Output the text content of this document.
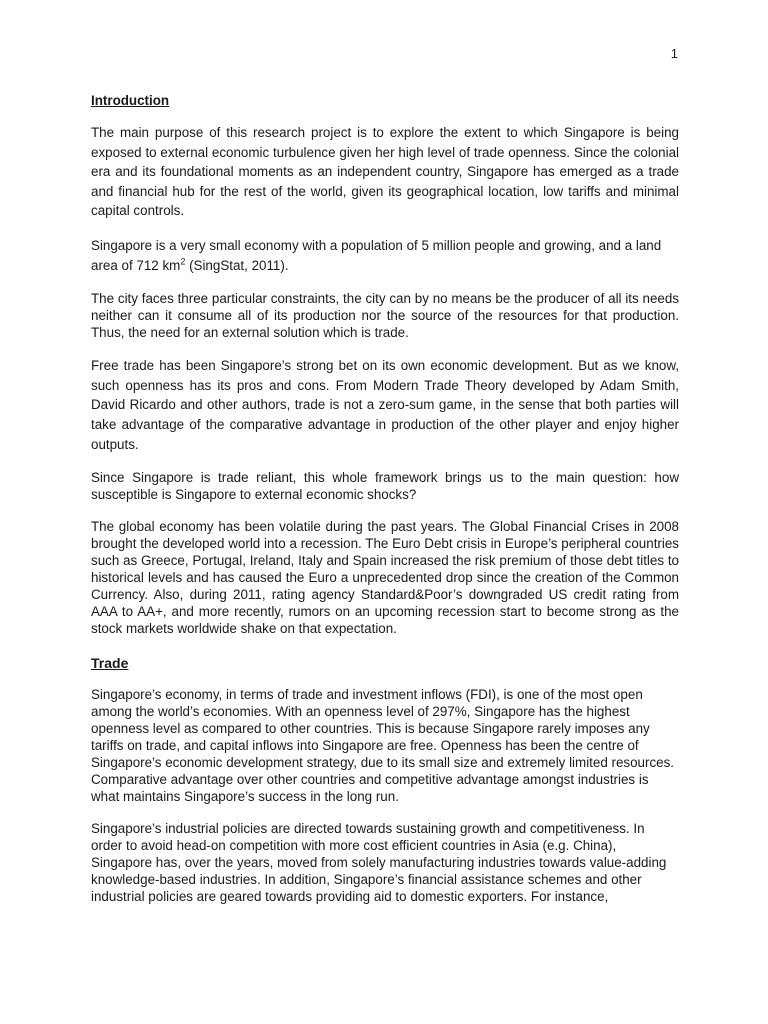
1
Introduction

The main purpose of this research project is to explore the extent to which Singapore is being exposed to external economic turbulence given her high level of trade openness. Since the colonial era and its foundational moments as an independent country, Singapore has emerged as a trade and financial hub for the rest of the world, given its geographical location, low tariffs and minimal capital controls.

Singapore is a very small economy with a population of 5 million people and growing, and a land area of 712 $km^2$ (SingStat, 2011).

The city faces three particular constraints, the city can by no means be the producer of all its needs neither can it consume all of its production nor the source of the resources for that production. Thus, the need for an external solution which is trade.

Free trade has been Singapore’s strong bet on its own economic development. But as we know, such openness has its pros and cons. From Modern Trade Theory developed by Adam Smith, David Ricardo and other authors, trade is not a zero-sum game, in the sense that both parties will take advantage of the comparative advantage in production of the other player and enjoy higher outputs.

Since Singapore is trade reliant, this whole framework brings us to the main question: how susceptible is Singapore to external economic shocks?

The global economy has been volatile during the past years. The Global Financial Crises in 2008 brought the developed world into a recession. The Euro Debt crisis in Europe’s peripheral countries such as Greece, Portugal, Ireland, Italy and Spain increased the risk premium of those debt titles to historical levels and has caused the Euro a unprecedented drop since the creation of the Common Currency. Also, during 2011, rating agency Standard&Poor’s downgraded US credit rating from AAA to AA+, and more recently, rumors on an upcoming recession start to become strong as the stock markets worldwide shake on that expectation.

Trade

Singapore’s economy, in terms of trade and investment inflows (FDI), is one of the most open among the world’s economies. With an openness level of 297%, Singapore has the highest openness level as compared to other countries. This is because Singapore rarely imposes any tariffs on trade, and capital inflows into Singapore are free. Openness has been the centre of Singapore’s economic development strategy, due to its small size and extremely limited resources. Comparative advantage over other countries and competitive advantage amongst industries is what maintains Singapore’s success in the long run.

Singapore’s industrial policies are directed towards sustaining growth and competitiveness. In order to avoid head-on competition with more cost efficient countries in Asia (e.g. China), Singapore has, over the years, moved from solely manufacturing industries towards value-adding knowledge-based industries. In addition, Singapore’s financial assistance schemes and other industrial policies are geared towards providing aid to domestic exporters. For instance,
